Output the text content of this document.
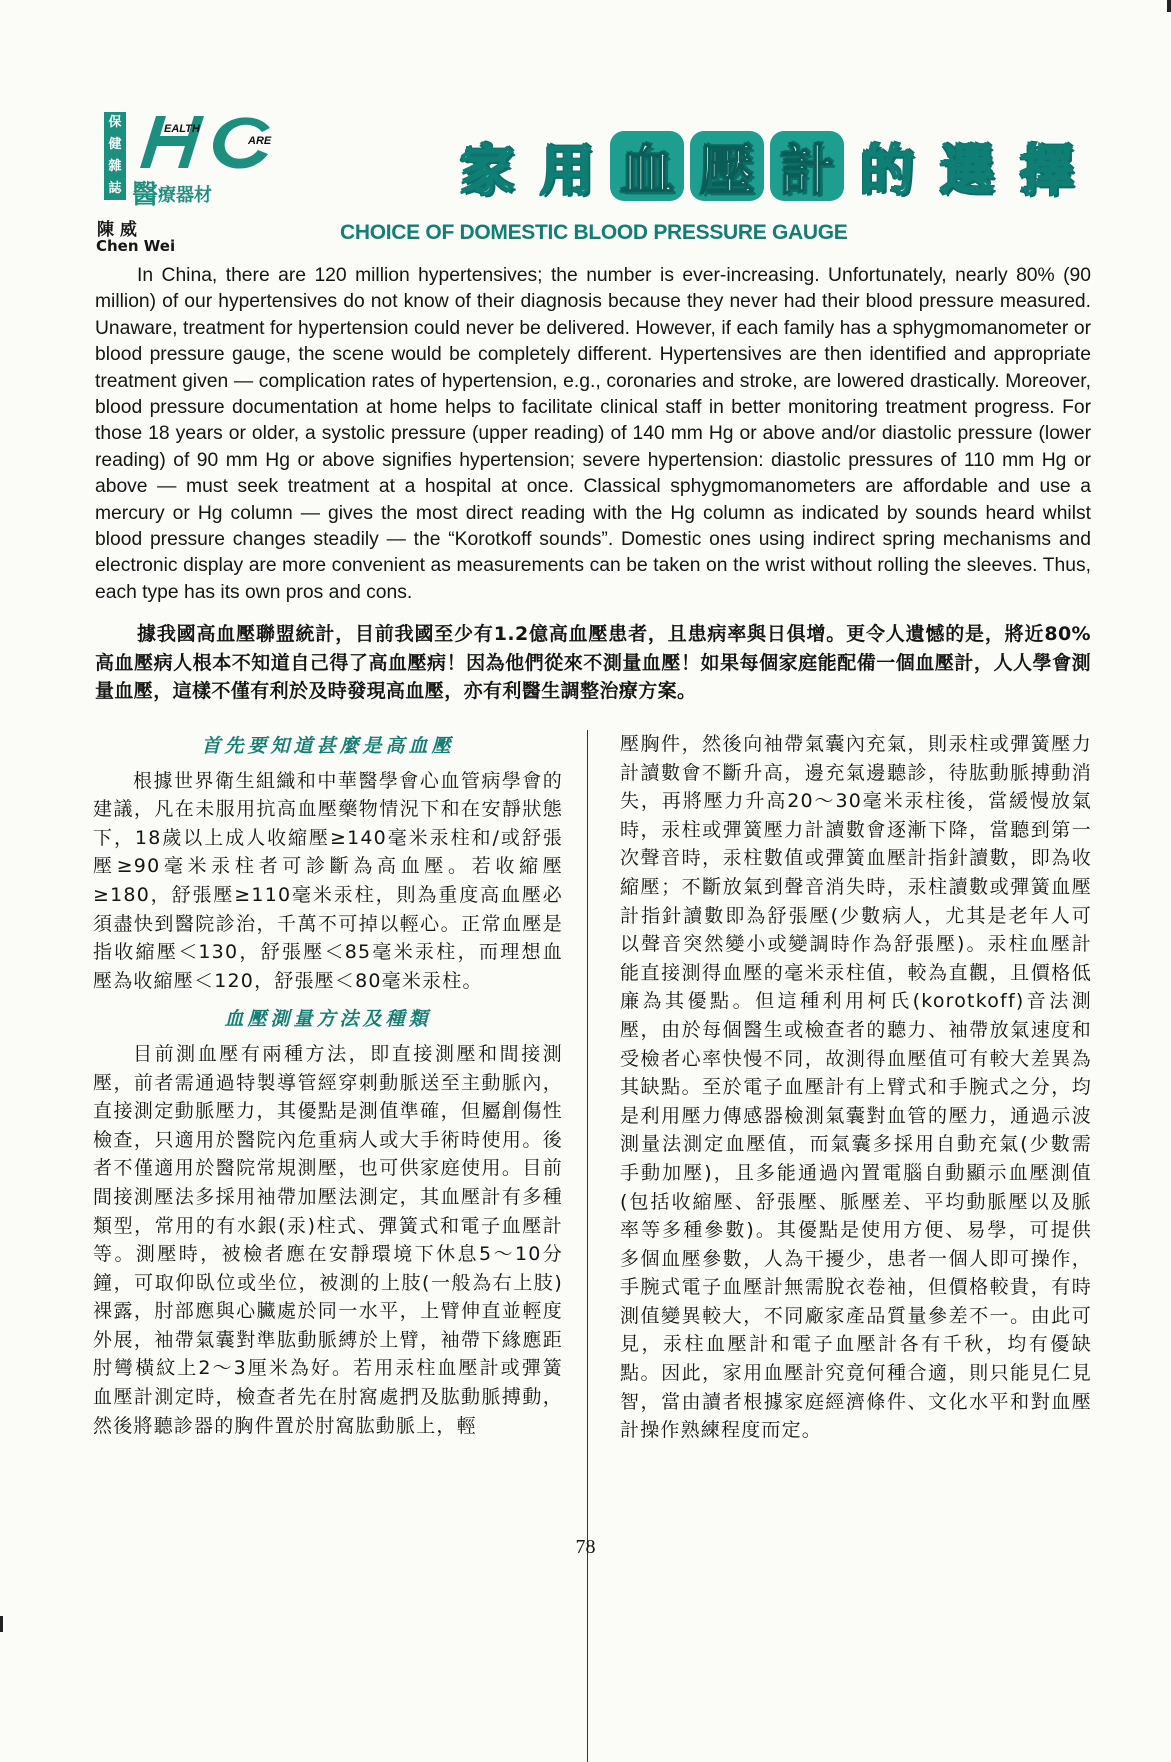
保
健
雜
誌
EALTH
ARE
醫療器材	家 用 血 壓 計 的 選 擇
陳 威
Chen Wei
CHOICE OF DOMESTIC BLOOD PRESSURE GAUGE

In China, there are 120 million hypertensives; the number is ever-increasing. Unfortunately, nearly 80% (90 million) of our hypertensives do not know of their diagnosis because they never had their blood pressure measured. Unaware, treatment for hypertension could never be delivered. However, if each family has a sphygmomanometer or blood pressure gauge, the scene would be completely different. Hypertensives are then identified and appropriate treatment given — complication rates of hypertension, e.g., coronaries and stroke, are lowered drastically. Moreover, blood pressure documentation at home helps to facilitate clinical staff in better monitoring treatment progress. For those 18 years or older, a systolic pressure (upper reading) of 140 mm Hg or above and/or diastolic pressure (lower reading) of 90 mm Hg or above signifies hypertension; severe hypertension: diastolic pressures of 110 mm Hg or above — must seek treatment at a hospital at once. Classical sphygmomanometers are affordable and use a mercury or Hg column — gives the most direct reading with the Hg column as indicated by sounds heard whilst blood pressure changes steadily — the “Korotkoff sounds”. Domestic ones using indirect spring mechanisms and electronic display are more convenient as measurements can be taken on the wrist without rolling the sleeves. Thus, each type has its own pros and cons.

據我國高血壓聯盟統計，目前我國至少有1.2億高血壓患者，且患病率與日俱增。更令人遺憾的是，將近80%高血壓病人根本不知道自己得了高血壓病！因為他們從來不測量血壓！如果每個家庭能配備一個血壓計，人人學會測量血壓，這樣不僅有利於及時發現高血壓，亦有利醫生調整治療方案。

首先要知道甚麼是高血壓

根據世界衛生組織和中華醫學會心血管病學會的建議，凡在未服用抗高血壓藥物情況下和在安靜狀態下，18歲以上成人收縮壓≥140毫米汞柱和/或舒張壓≥90毫米汞柱者可診斷為高血壓。若收縮壓≥180，舒張壓≥110毫米汞柱，則為重度高血壓必須盡快到醫院診治，千萬不可掉以輕心。正常血壓是指收縮壓＜130，舒張壓＜85毫米汞柱，而理想血壓為收縮壓＜120，舒張壓＜80毫米汞柱。

血壓測量方法及種類

目前測血壓有兩種方法，即直接測壓和間接測壓，前者需通過特製導管經穿刺動脈送至主動脈內，直接測定動脈壓力，其優點是測值準確，但屬創傷性檢查，只適用於醫院內危重病人或大手術時使用。後者不僅適用於醫院常規測壓，也可供家庭使用。目前間接測壓法多採用袖帶加壓法測定，其血壓計有多種類型，常用的有水銀(汞)柱式、彈簧式和電子血壓計等。測壓時，被檢者應在安靜環境下休息5～10分鐘，可取仰臥位或坐位，被測的上肢(一般為右上肢)裸露，肘部應與心臟處於同一水平，上臂伸直並輕度外展，袖帶氣囊對準肱動脈縛於上臂，袖帶下緣應距肘彎橫紋上2～3厘米為好。若用汞柱血壓計或彈簧血壓計測定時，檢查者先在肘窩處捫及肱動脈搏動，然後將聽診器的胸件置於肘窩肱動脈上，輕

壓胸件，然後向袖帶氣囊內充氣，則汞柱或彈簧壓力計讀數會不斷升高，邊充氣邊聽診，待肱動脈搏動消失，再將壓力升高20～30毫米汞柱後，當緩慢放氣時，汞柱或彈簧壓力計讀數會逐漸下降，當聽到第一次聲音時，汞柱數值或彈簧血壓計指針讀數，即為收縮壓；不斷放氣到聲音消失時，汞柱讀數或彈簧血壓計指針讀數即為舒張壓(少數病人，尤其是老年人可以聲音突然變小或變調時作為舒張壓)。汞柱血壓計能直接測得血壓的毫米汞柱值，較為直觀，且價格低廉為其優點。但這種利用柯氏(korotkoff)音法測壓，由於每個醫生或檢查者的聽力、袖帶放氣速度和受檢者心率快慢不同，故測得血壓值可有較大差異為其缺點。至於電子血壓計有上臂式和手腕式之分，均是利用壓力傳感器檢測氣囊對血管的壓力，通過示波測量法測定血壓值，而氣囊多採用自動充氣(少數需手動加壓)，且多能通過內置電腦自動顯示血壓測值(包括收縮壓、舒張壓、脈壓差、平均動脈壓以及脈率等多種參數)。其優點是使用方便、易學，可提供多個血壓參數，人為干擾少，患者一個人即可操作，手腕式電子血壓計無需脫衣卷袖，但價格較貴，有時測值變異較大，不同廠家產品質量參差不一。由此可見，汞柱血壓計和電子血壓計各有千秋，均有優缺點。因此，家用血壓計究竟何種合適，則只能見仁見智，當由讀者根據家庭經濟條件、文化水平和對血壓計操作熟練程度而定。

78
